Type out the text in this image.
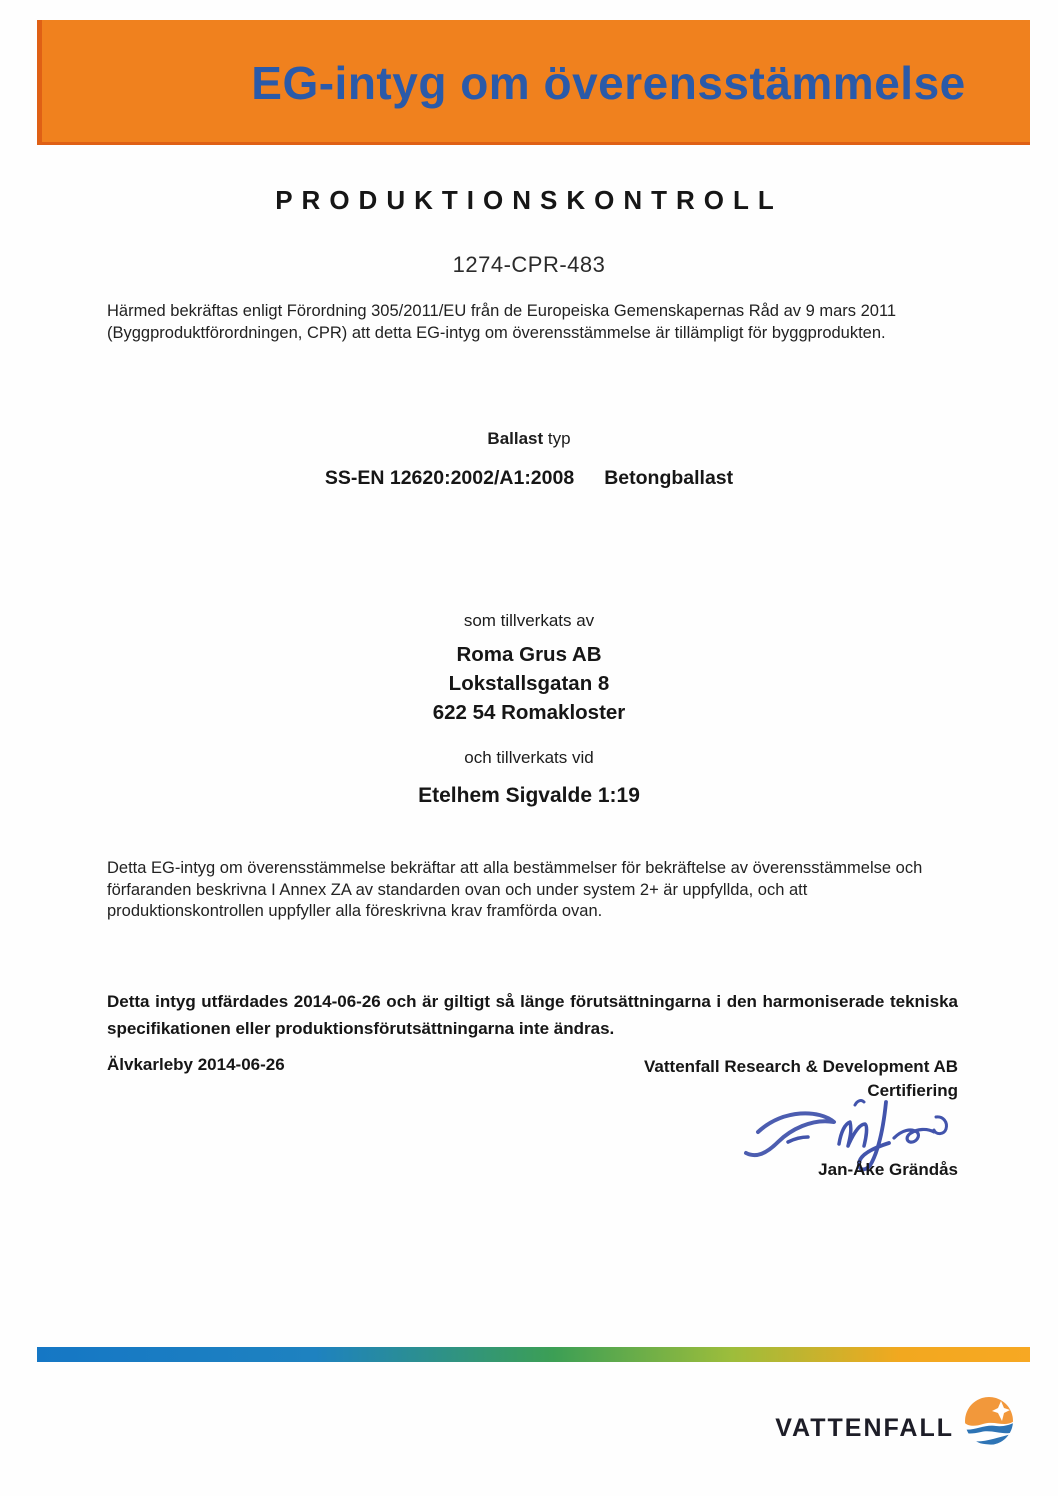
EG-intyg om överensstämmelse
PRODUKTIONSKONTROLL
1274-CPR-483

Härmed bekräftas enligt Förordning 305/2011/EU från de Europeiska Gemenskapernas Råd av 9 mars 2011 (Byggproduktförordningen, CPR) att detta EG-intyg om överensstämmelse är tillämpligt för byggprodukten.

Ballast typ
SS-EN 12620:2002/A1:2008 Betongballast
som tillverkats av
Roma Grus AB
Lokstallsgatan 8
622 54 Romakloster
och tillverkats vid
Etelhem Sigvalde 1:19

Detta EG-intyg om överensstämmelse bekräftar att alla bestämmelser för bekräftelse av överensstämmelse och förfaranden beskrivna I Annex ZA av standarden ovan och under system 2+ är uppfyllda, och att produktionskontrollen uppfyller alla föreskrivna krav framförda ovan.

Detta intyg utfärdades 2014-06-26 och är giltigt så länge förutsättningarna i den harmoniserade tekniska specifikationen eller produktionsförutsättningarna inte ändras.

Älvkarleby 2014-06-26	Vattenfall Research & Development AB
Certifiering
Jan-Åke Grändås
VATTENFALL
